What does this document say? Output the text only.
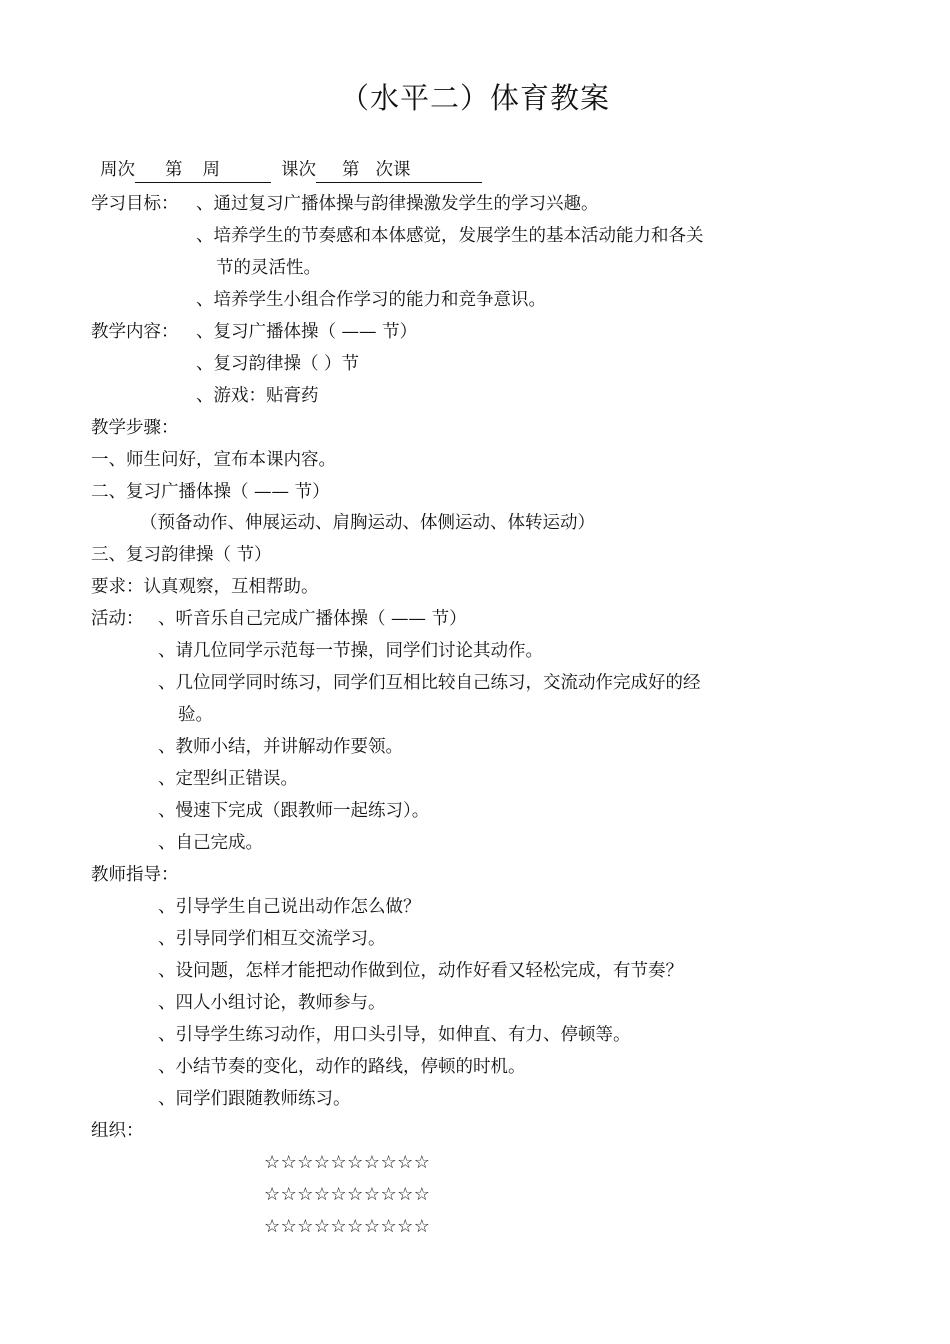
（水平二）体育教案
周次 第 周	课次 第 次课
学习目标： 、通过复习广播体操与韵律操激发学生的学习兴趣。
、培养学生的节奏感和本体感觉，发展学生的基本活动能力和各关
节的灵活性。
、培养学生小组合作学习的能力和竞争意识。
教学内容： 、复习广播体操（ —— 节）
、复习韵律操（ ）节
、游戏：贴膏药
教学步骤：
一、师生问好，宣布本课内容。
二、复习广播体操（ —— 节）
（预备动作、伸展运动、肩胸运动、体侧运动、体转运动）
三、复习韵律操（ 节）
要求：认真观察，互相帮助。
活动： 、听音乐自己完成广播体操（ —— 节）
、请几位同学示范每一节操，同学们讨论其动作。
、几位同学同时练习，同学们互相比较自己练习，交流动作完成好的经
验。
、教师小结，并讲解动作要领。
、定型纠正错误。
、慢速下完成（跟教师一起练习）。
、自己完成。
教师指导：
、引导学生自己说出动作怎么做？
、引导同学们相互交流学习。
、设问题，怎样才能把动作做到位，动作好看又轻松完成，有节奏？
、四人小组讨论，教师参与。
、引导学生练习动作，用口头引导，如伸直、有力、停顿等。
、小结节奏的变化，动作的路线，停顿的时机。
、同学们跟随教师练习。
组织：
☆☆☆☆☆☆☆☆☆☆
☆☆☆☆☆☆☆☆☆☆
☆☆☆☆☆☆☆☆☆☆
